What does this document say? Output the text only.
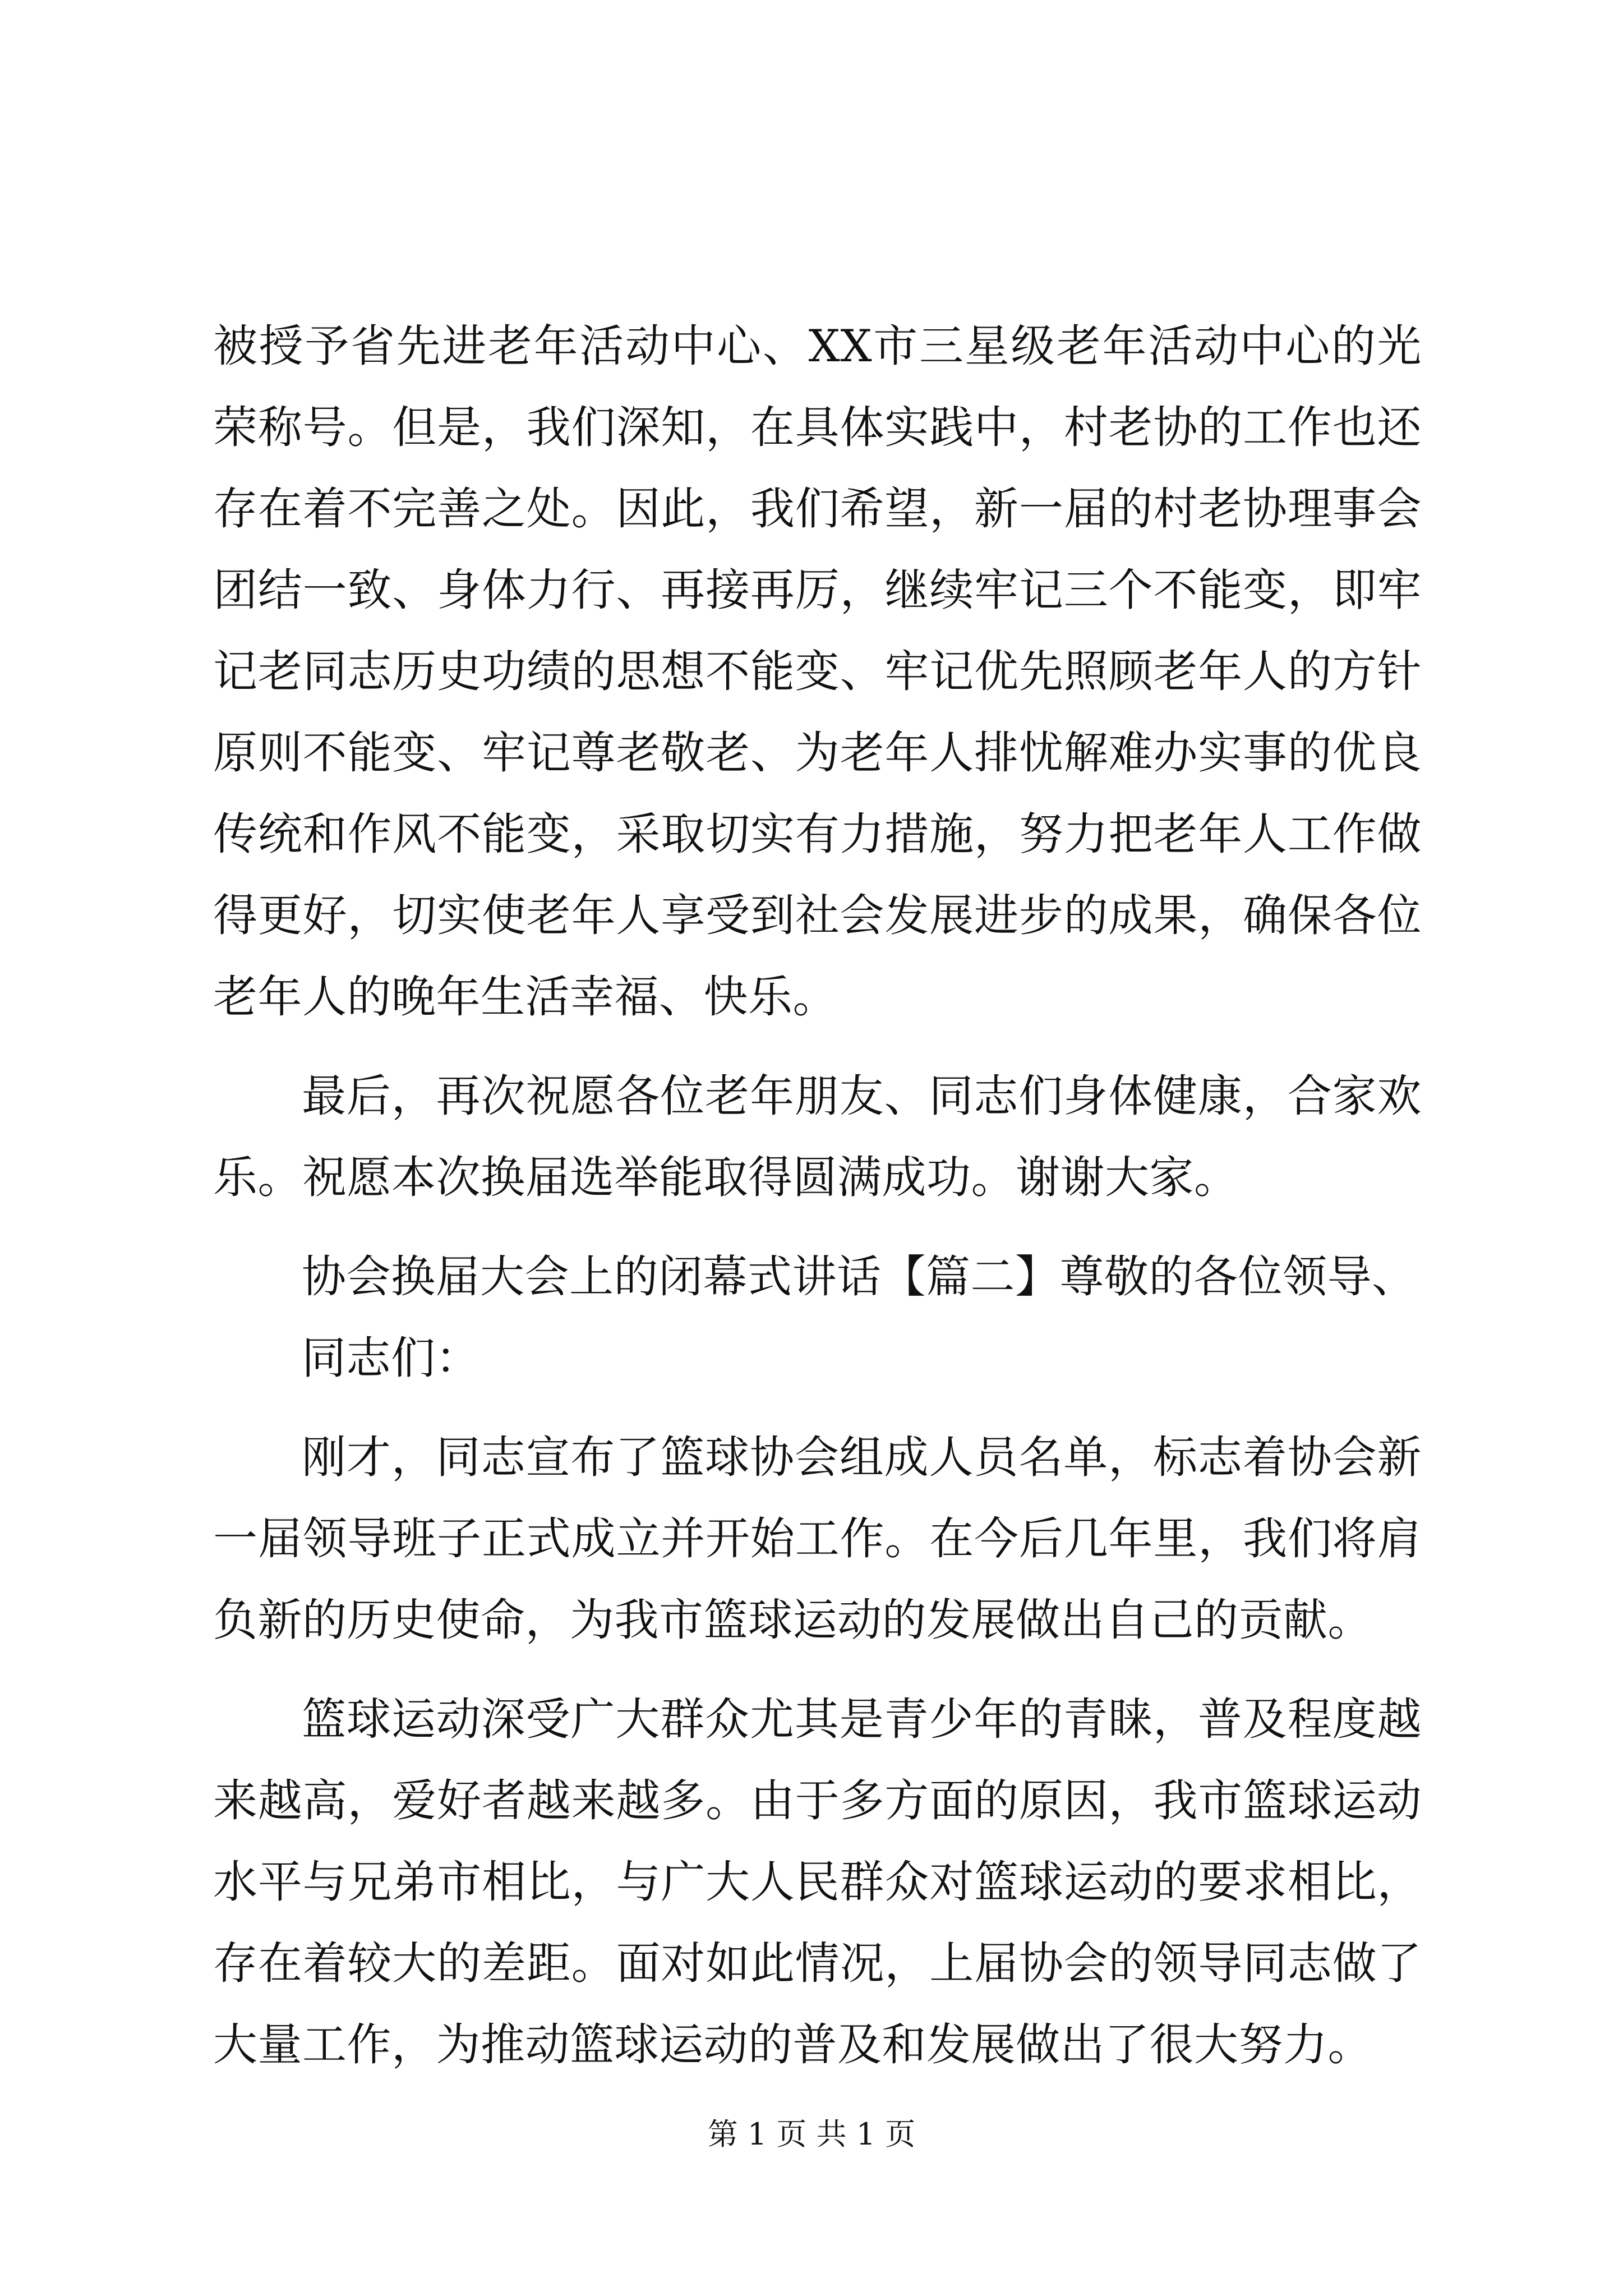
被授予省先进老年活动中心、XX市三星级老年活动中心的光荣称号。但是，我们深知，在具体实践中，村老协的工作也还存在着不完善之处。因此，我们希望，新一届的村老协理事会团结一致、身体力行、再接再厉，继续牢记三个不能变，即牢记老同志历史功绩的思想不能变、牢记优先照顾老年人的方针原则不能变、牢记尊老敬老、为老年人排忧解难办实事的优良传统和作风不能变，采取切实有力措施，努力把老年人工作做得更好，切实使老年人享受到社会发展进步的成果，确保各位老年人的晚年生活幸福、快乐。

最后，再次祝愿各位老年朋友、同志们身体健康，合家欢乐。祝愿本次换届选举能取得圆满成功。谢谢大家。

协会换届大会上的闭幕式讲话【篇二】尊敬的各位领导、

同志们：

刚才，同志宣布了篮球协会组成人员名单，标志着协会新一届领导班子正式成立并开始工作。在今后几年里，我们将肩负新的历史使命，为我市篮球运动的发展做出自己的贡献。

篮球运动深受广大群众尤其是青少年的青睐，普及程度越来越高，爱好者越来越多。由于多方面的原因，我市篮球运动水平与兄弟市相比，与广大人民群众对篮球运动的要求相比，存在着较大的差距。面对如此情况，上届协会的领导同志做了大量工作，为推动篮球运动的普及和发展做出了很大努力。

第 1 页 共 1 页
